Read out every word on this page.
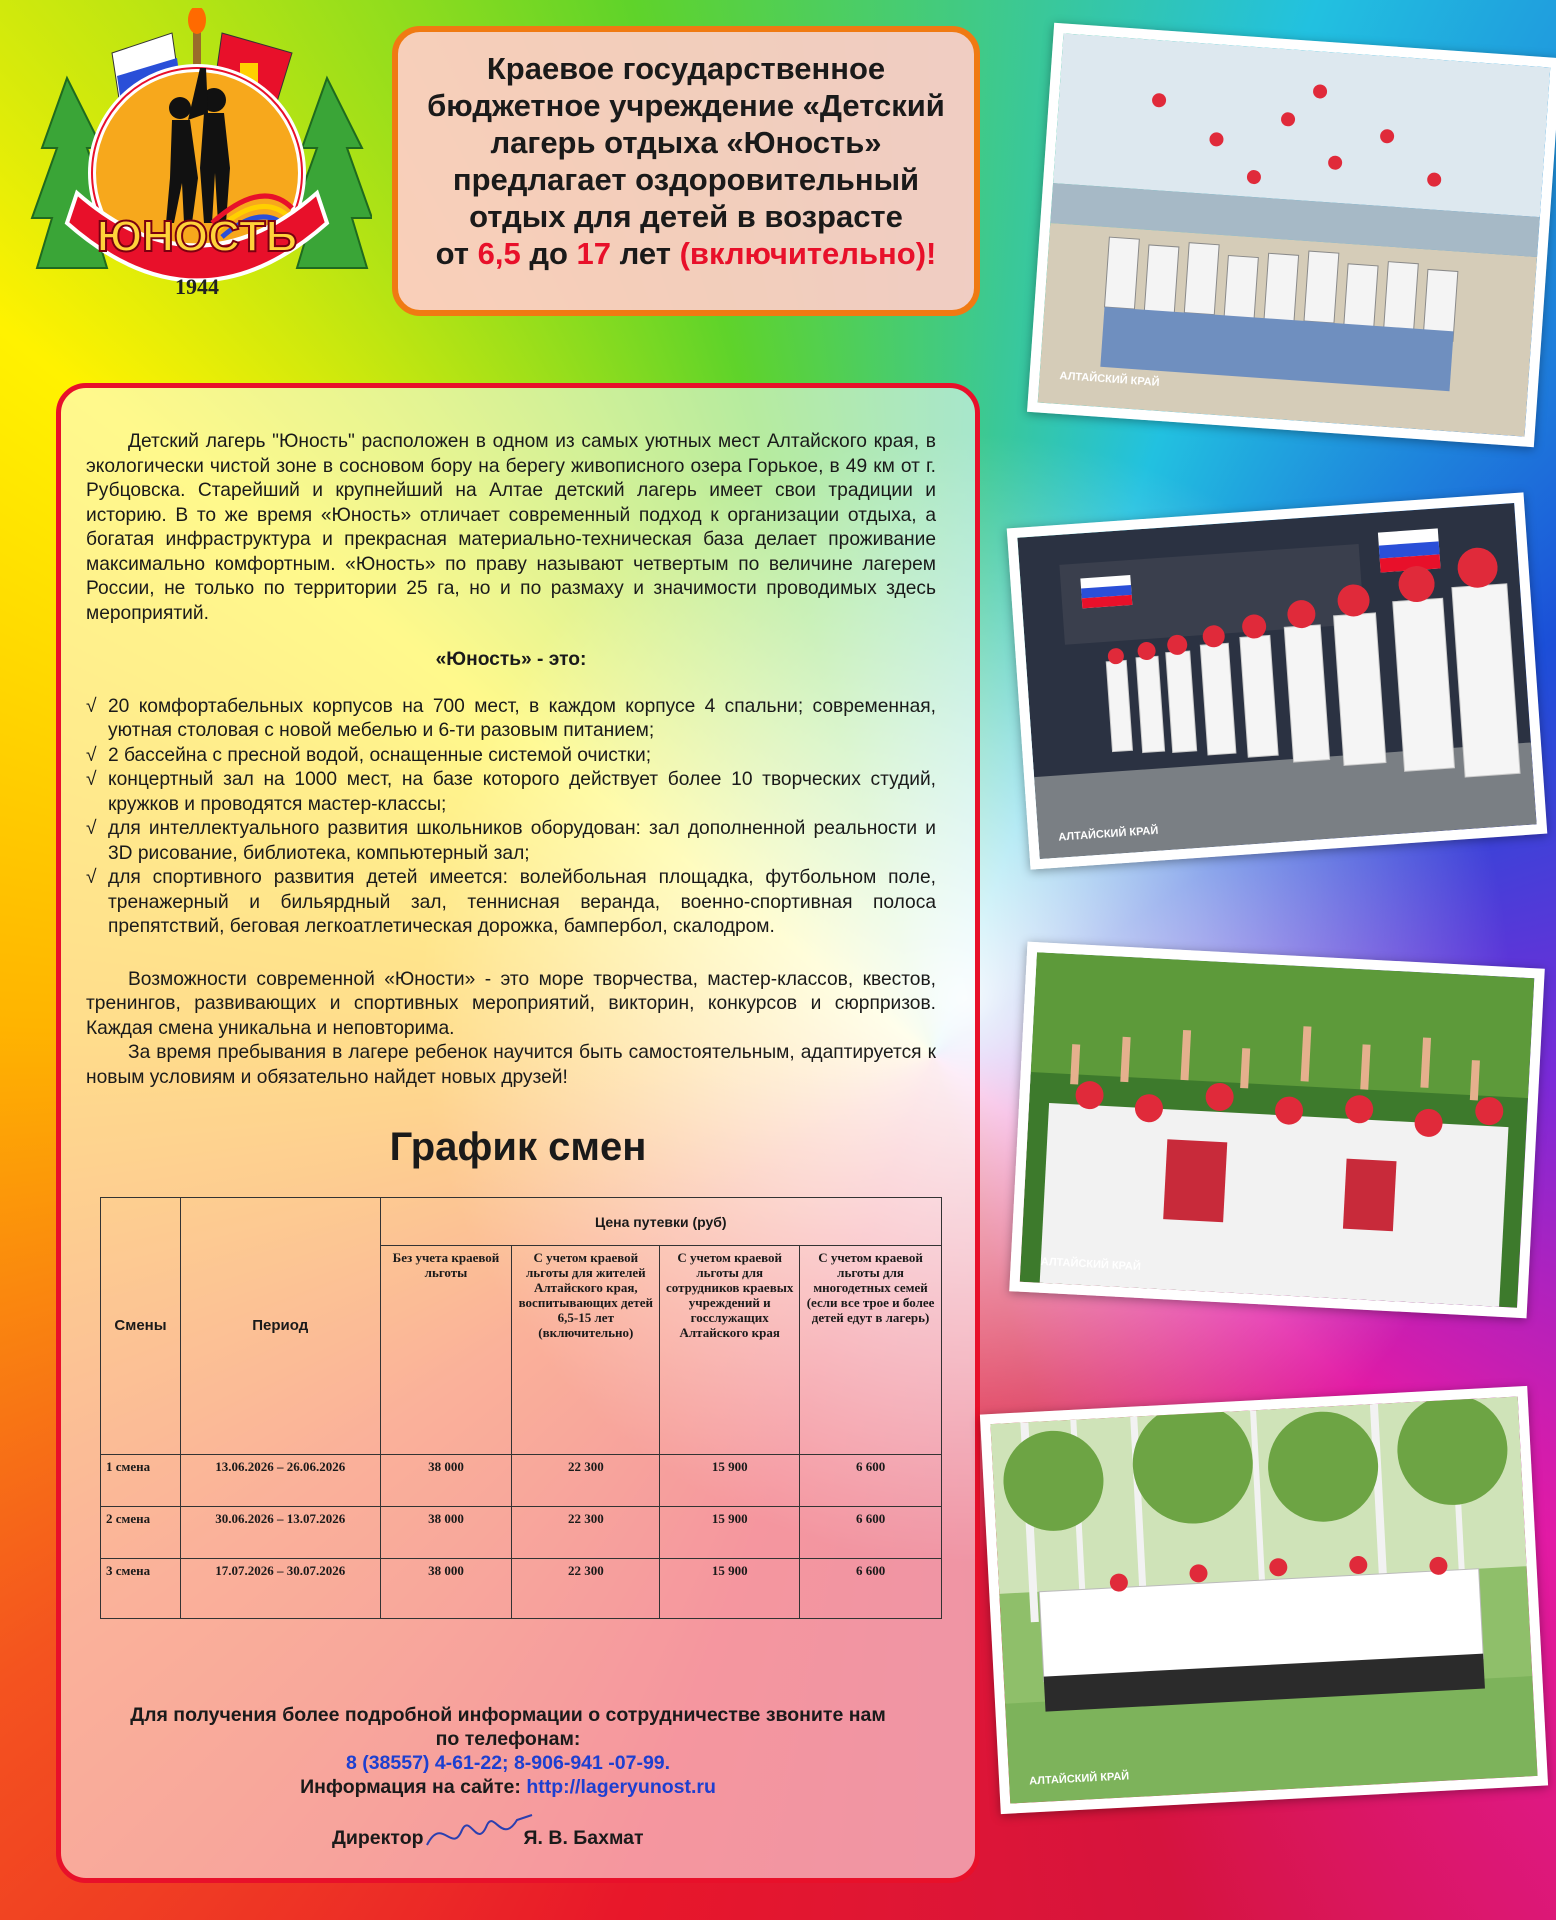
ЮНОСТЬ
1944
Краевое государственное
бюджетное учреждение «Детский
лагерь отдыха «Юность»
предлагает оздоровительный
отдых для детей в возрасте
от 6,5 до 17 лет (включительно)!

Детский лагерь "Юность" расположен в одном из самых уютных мест Алтайского края, в экологически чистой зоне в сосновом бору на берегу живописного озера Горькое, в 49 км от г. Рубцовска. Старейший и крупнейший на Алтае детский лагерь имеет свои традиции и историю. В то же время «Юность» отличает современный подход к организации отдыха, а богатая инфраструктура и прекрасная материально-техническая база делает проживание максимально комфортным. «Юность» по праву называют четвертым по величине лагерем России, не только по территории 25 га, но и по размаху и значимости проводимых здесь мероприятий.

«Юность» - это:
√ 20 комфортабельных корпусов на 700 мест, в каждом корпусе 4 спальни; современная, уютная столовая с новой мебелью и 6-ти разовым питанием;
√ 2 бассейна с пресной водой, оснащенные системой очистки;
√ концертный зал на 1000 мест, на базе которого действует более 10 творческих студий, кружков и проводятся мастер-классы;
√ для интеллектуального развития школьников оборудован: зал дополненной реальности и 3D рисование, библиотека, компьютерный зал;
√ для спортивного развития детей имеется: волейбольная площадка, футбольном поле, тренажерный и бильярдный зал, теннисная веранда, военно-спортивная полоса препятствий, беговая легкоатлетическая дорожка, бампербол, скалодром.

Возможности современной «Юности» - это море творчества, мастер-классов, квестов, тренингов, развивающих и спортивных мероприятий, викторин, конкурсов и сюрпризов. Каждая смена уникальна и неповторима.

За время пребывания в лагере ребенок научится быть самостоятельным, адаптируется к новым условиям и обязательно найдет новых друзей!

График смен
Смены	Период	Цена путевки (руб)			
		Без учета краевой льготы	С учетом краевой льготы для жителей Алтайского края, воспитывающих детей 6,5-15 лет (включительно)	С учетом краевой льготы для сотрудников краевых учреждений и госслужащих Алтайского края	С учетом краевой льготы для многодетных семей (если все трое и более детей едут в лагерь)
1 смена	13.06.2026 – 26.06.2026	38 000	22 300	15 900	6 600
2 смена	30.06.2026 – 13.07.2026	38 000	22 300	15 900	6 600
3 смена	17.07.2026 – 30.07.2026	38 000	22 300	15 900	6 600
Для получения более подробной информации о сотрудничестве звоните нам
по телефонам:
8 (38557) 4-61-22; 8-906-941 -07-99.
Информация на сайте: http://lageryunost.ru
Директор	Я. В. Бахмат
АЛТАЙСКИЙ КРАЙ
АЛТАЙСКИЙ КРАЙ
АЛТАЙСКИЙ КРАЙ
АЛТАЙСКИЙ КРАЙ
